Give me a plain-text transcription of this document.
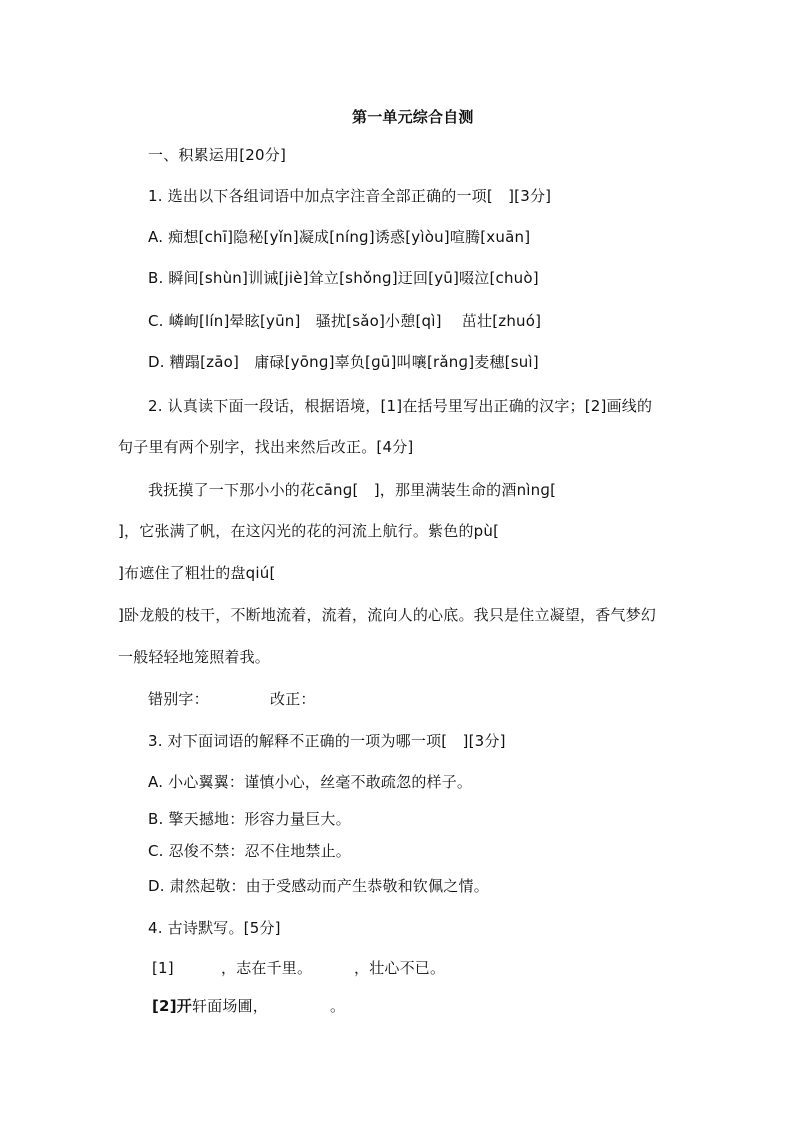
第一单元综合自测
一、积累运用[20分]
1. 选出以下各组词语中加点字注音全部正确的一项[　][3分]
A. 痴想[chī]隐秘[yǐn]凝成[nínɡ]诱惑[yìòu]喧腾[xuān]
B. 瞬间[shùn]训诫[jiè]耸立[shǒnɡ]迂回[yū]啜泣[chuò]
C. 嶙峋[lín]晕眩[yūn]　骚扰[sǎo]小憩[qì]　 茁壮[zhuó]
D. 糟蹋[zāo]　庸碌[yōnɡ]辜负[ɡū]叫嚷[rǎnɡ]麦穗[suì]
2. 认真读下面一段话，根据语境，[1]在括号里写出正确的汉字；[2]画线的
句子里有两个别字，找出来然后改正。[4分]
我抚摸了一下那小小的花cānɡ[　]，那里满装生命的酒nìnɡ[
]，它张满了帆，在这闪光的花的河流上航行。紫色的pù[
]布遮住了粗壮的盘qiú[
]卧龙般的枝干，不断地流着，流着，流向人的心底。我只是住立凝望，香气梦幻
一般轻轻地笼照着我。
错别字：	改正：
3. 对下面词语的解释不正确的一项为哪一项[　][3分]
A. 小心翼翼：谨慎小心，丝毫不敢疏忽的样子。
B. 擎天撼地：形容力量巨大。
C. 忍俊不禁：忍不住地禁止。
D. 肃然起敬：由于受感动而产生恭敬和钦佩之情。
4. 古诗默写。[5分]
[1]	，志在千里。	，壮心不已。
[2]开轩面场圃，	。
